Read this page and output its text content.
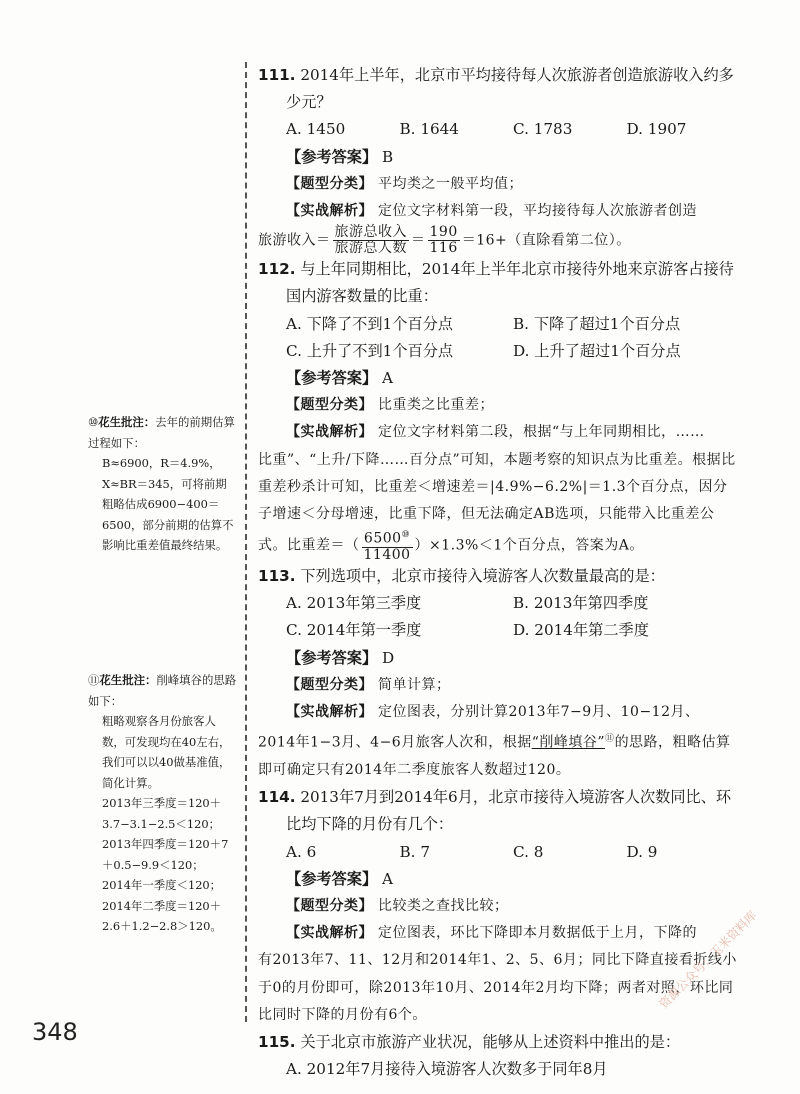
⑩花生批注：去年的前期估算过程如下：

B≈6900，R＝4.9%，X≈BR＝345，可将前期粗略估成6900−400＝6500，部分前期的估算不影响比重差值最终结果。

⑪花生批注：削峰填谷的思路如下：

粗略观察各月份旅客人数，可发现均在40左右，我们可以以40做基准值，简化计算。

2013年三季度＝120＋3.7−3.1−2.5＜120；

2013年四季度＝120＋7＋0.5−9.9＜120；

2014年一季度＜120；

2014年二季度＝120＋2.6＋1.2−2.8＞120。

111. 2014年上半年，北京市平均接待每人次旅游者创造旅游收入约多少元？

A. 1450	B. 1644	C. 1783	D. 1907

【参考答案】 B

【题型分类】 平均类之一般平均值；

【实战解析】 定位文字材料第一段，平均接待每人次旅游者创造
旅游收入＝ $\frac{\text{旅游总收入}}{\text{旅游总人数}} = \frac{190}{116} =16+$（直除看第二位）。

112. 与上年同期相比，2014年上半年北京市接待外地来京游客占接待国内游客数量的比重：

A. 下降了不到1个百分点	B. 下降了超过1个百分点
C. 上升了不到1个百分点	D. 上升了超过1个百分点

【参考答案】 A

【题型分类】 比重类之比重差；

【实战解析】 定位文字材料第二段，根据“与上年同期相比，……
比重”、“上升/下降……百分点”可知，本题考察的知识点为比重差。根据比重差秒杀计可知，比重差＜增速差＝|4.9%−6.2%|＝1.3个百分点，因分子增速＜分母增速，比重下降，但无法确定AB选项，只能带入比重差公式。比重差＝（ $\frac{6500^⑩}{11400} )\times 1.3\%<1$个百分点，答案为A。

113. 下列选项中，北京市接待入境游客人次数量最高的是：

A. 2013年第三季度	B. 2013年第四季度
C. 2014年第一季度	D. 2014年第二季度

【参考答案】 D

【题型分类】 简单计算；

【实战解析】 定位图表，分别计算2013年7−9月、10−12月、
2014年1−3月、4−6月旅客人次和，根据“削峰填谷”⑪的思路，粗略估算即可确定只有2014年二季度旅客人数超过120。

114. 2013年7月到2014年6月，北京市接待入境游客人次数同比、环比均下降的月份有几个：

A. 6	B. 7	C. 8	D. 9

【参考答案】 A

【题型分类】 比较类之查找比较；

【实战解析】 定位图表，环比下降即本月数据低于上月，下降的
有2013年7、11、12月和2014年1、2、5、6月；同比下降直接看折线小于0的月份即可，除2013年10月、2014年2月均下降；两者对照，环比同比同时下降的月份有6个。

115. 关于北京市旅游产业状况，能够从上述资料中推出的是：

A. 2012年7月接待入境游客人次数多于同年8月
348
资源公众号：玉米资料库
